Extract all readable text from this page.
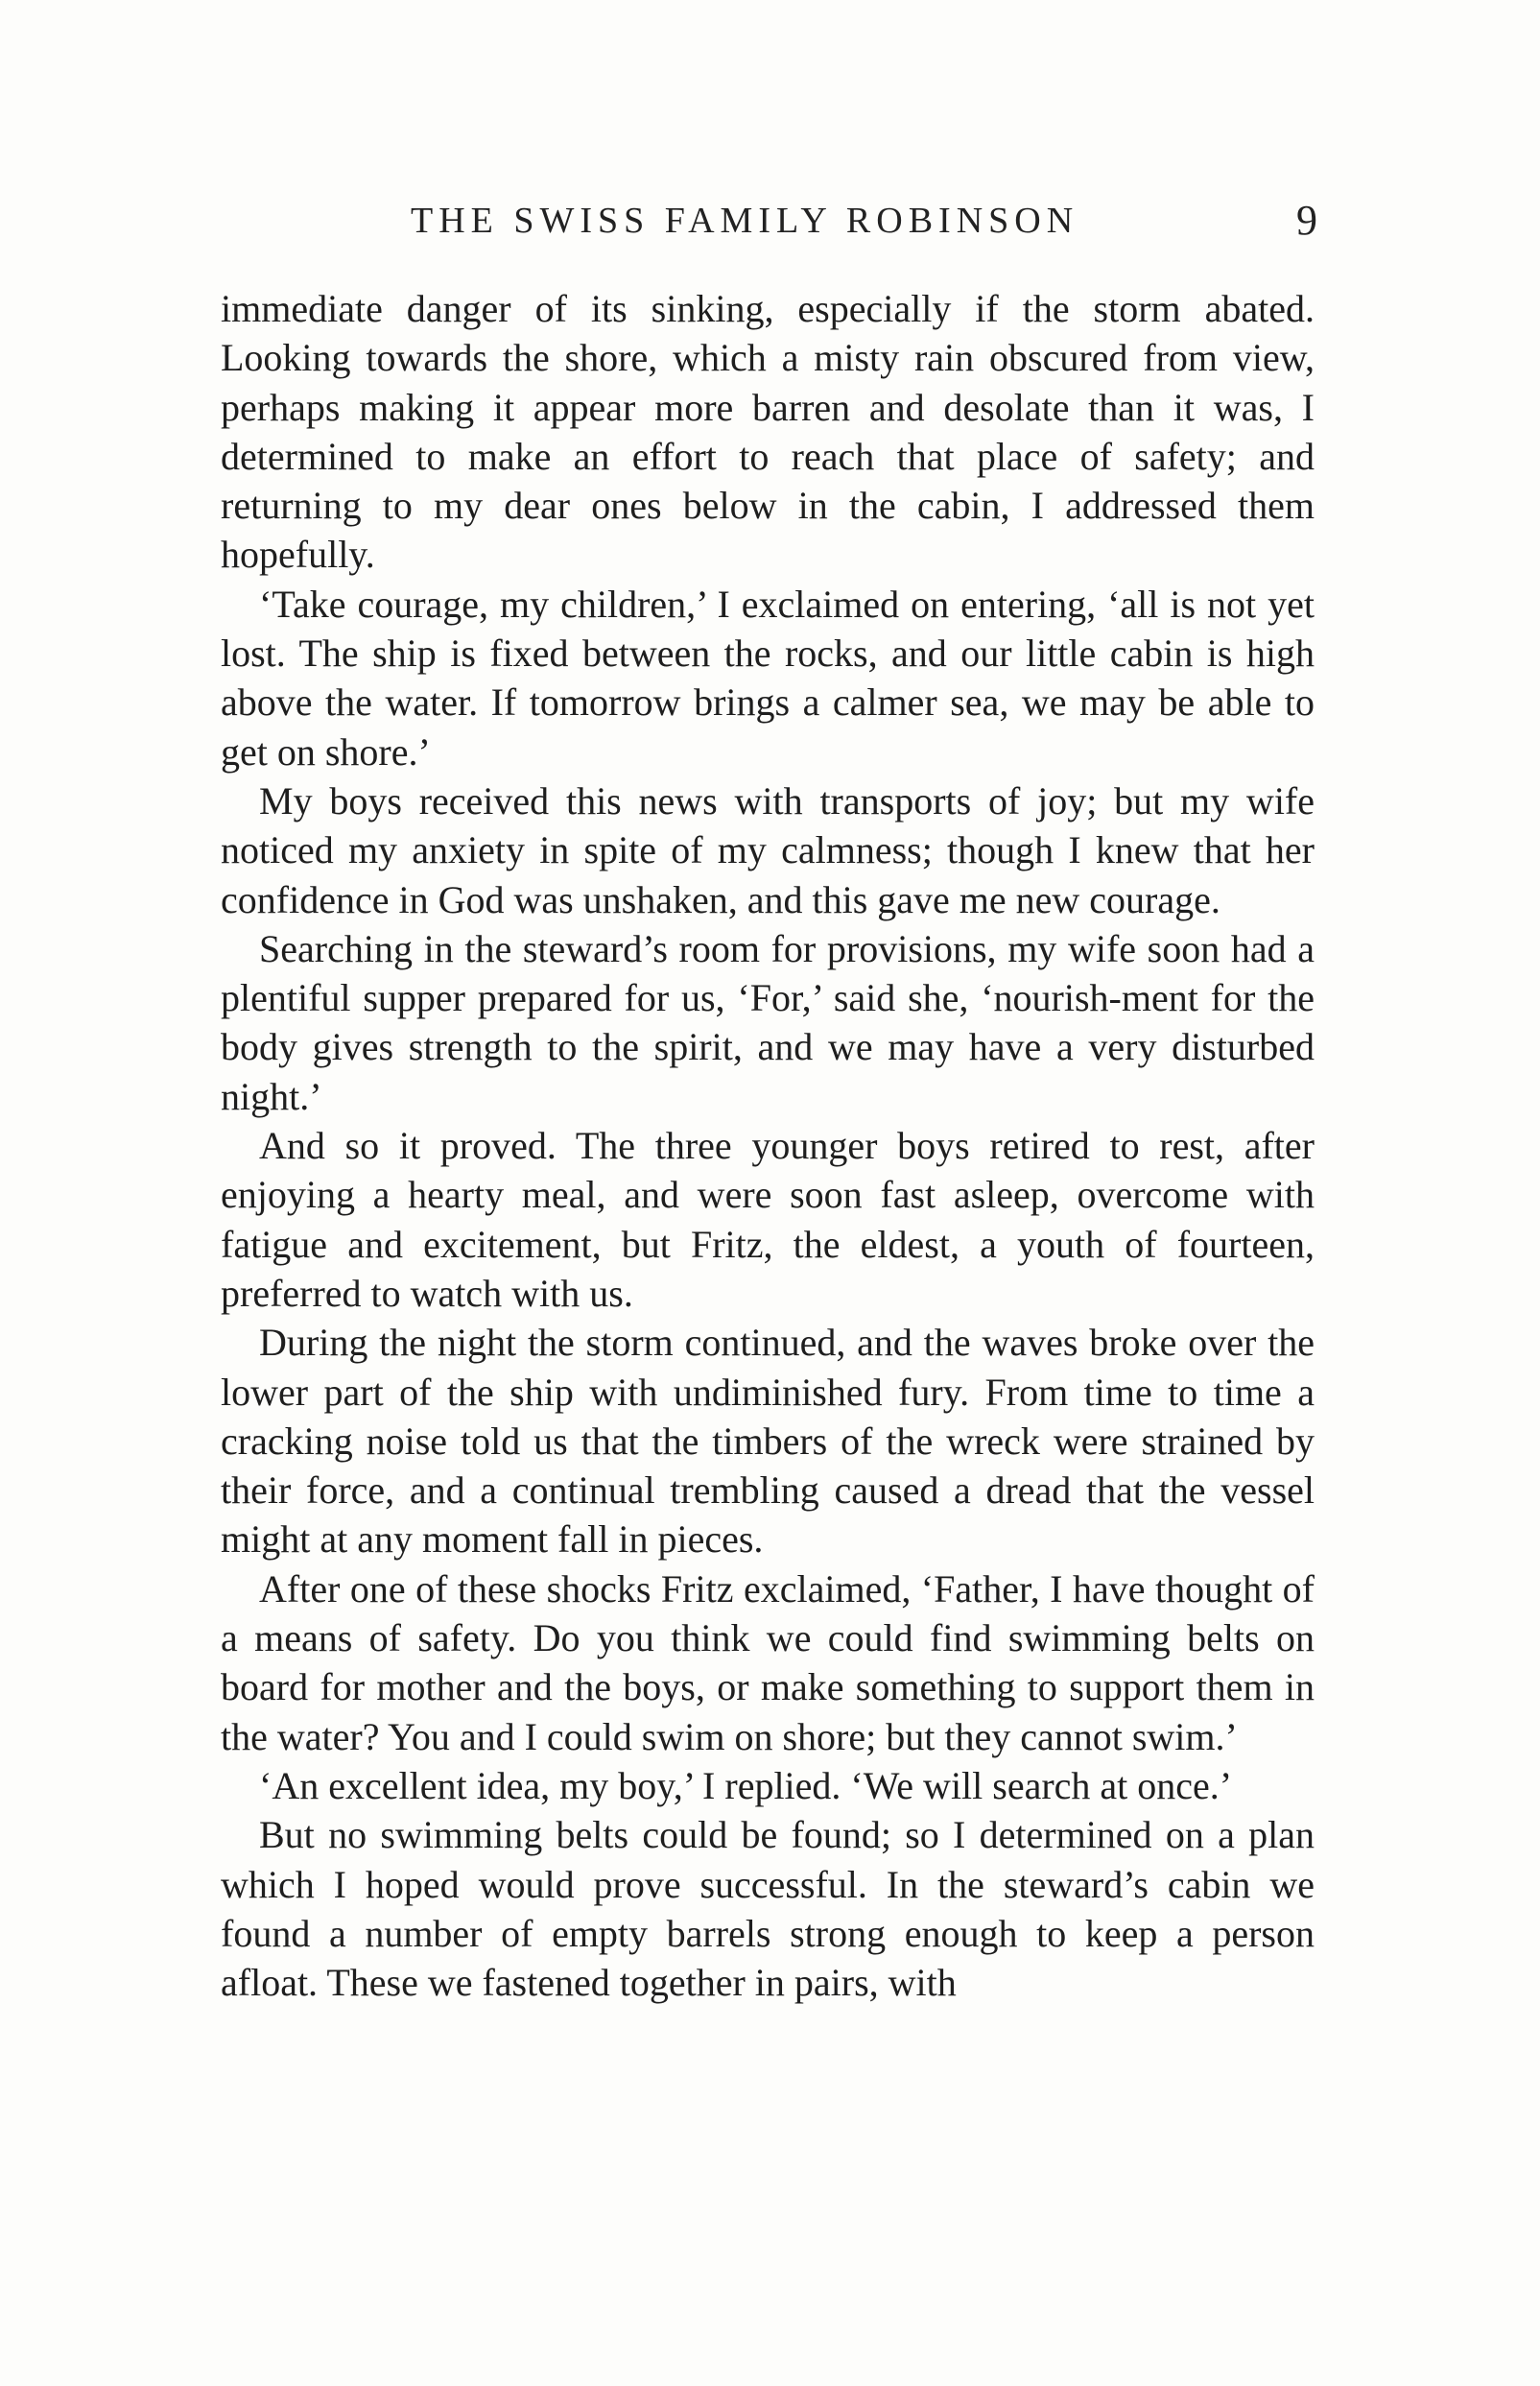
THE SWISS FAMILY ROBINSON	9

immediate danger of its sinking, especially if the storm abated. Looking towards the shore, which a misty rain obscured from view, perhaps making it appear more barren and desolate than it was, I determined to make an effort to reach that place of safety; and returning to my dear ones below in the cabin, I addressed them hopefully.

‘Take courage, my children,’ I exclaimed on entering, ‘all is not yet lost. The ship is fixed between the rocks, and our little cabin is high above the water. If tomorrow brings a calmer sea, we may be able to get on shore.’

My boys received this news with transports of joy; but my wife noticed my anxiety in spite of my calmness; though I knew that her confidence in God was unshaken, and this gave me new courage.

Searching in the steward’s room for provisions, my wife soon had a plentiful supper prepared for us, ‘For,’ said she, ‘nourish-ment for the body gives strength to the spirit, and we may have a very disturbed night.’

And so it proved. The three younger boys retired to rest, after enjoying a hearty meal, and were soon fast asleep, overcome with fatigue and excitement, but Fritz, the eldest, a youth of fourteen, preferred to watch with us.

During the night the storm continued, and the waves broke over the lower part of the ship with undiminished fury. From time to time a cracking noise told us that the timbers of the wreck were strained by their force, and a continual trembling caused a dread that the vessel might at any moment fall in pieces.

After one of these shocks Fritz exclaimed, ‘Father, I have thought of a means of safety. Do you think we could find swimming belts on board for mother and the boys, or make something to support them in the water? You and I could swim on shore; but they cannot swim.’

‘An excellent idea, my boy,’ I replied. ‘We will search at once.’

But no swimming belts could be found; so I determined on a plan which I hoped would prove successful. In the steward’s cabin we found a number of empty barrels strong enough to keep a person afloat. These we fastened together in pairs, with
